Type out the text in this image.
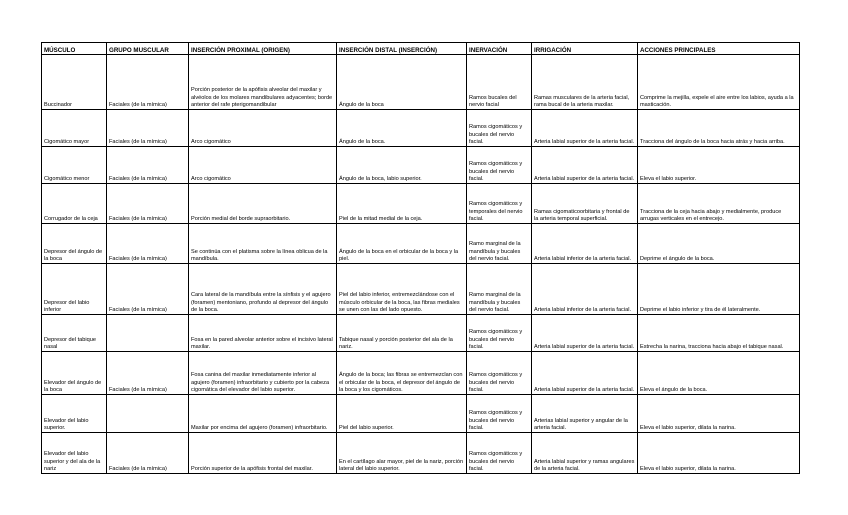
MÚSCULO	GRUPO MUSCULAR	INSERCIÓN PROXIMAL (ORIGEN)	INSERCIÓN DISTAL (INSERCIÓN)	INERVACIÓN	IRRIGACIÓN	ACCIONES PRINCIPALES
Buccinador	Faciales (de la mímica)	Porción posterior de la apófisis alveolar del maxilar y alvéolos de los molares mandibulares adyacentes; borde anterior del rafe pterigomandibular	Ángulo de la boca	Ramos bucales del nervio facial	Ramas musculares de la arteria facial, rama bucal de la arteria maxilar.	Comprime la mejilla, expele el aire entre los labios, ayuda a la masticación.
Cigomático mayor	Faciales (de la mímica)	Arco cigomático	Ángulo de la boca.	Ramos cigomáticos y bucales del nervio facial.	Arteria labial superior de la arteria facial.	Tracciona del ángulo de la boca hacia atrás y hacia arriba.
Cigomático menor	Faciales (de la mímica)	Arco cigomático	Ángulo de la boca, labio superior.	Ramos cigomáticos y bucales del nervio facial.	Arteria labial superior de la arteria facial.	Eleva el labio superior.
Corrugador de la ceja	Faciales (de la mímica)	Porción medial del borde supraorbitario.	Piel de la mitad medial de la ceja.	Ramos cigomáticos y temporales del nervio facial.	Ramas cigomaticoorbitaria y frontal de la arteria temporal superficial.	Tracciona de la ceja hacia abajo y medialmente, produce arrugas verticales en el entrecejo.
Depresor del ángulo de la boca	Faciales (de la mímica)	Se continúa con el platisma sobre la línea oblicua de la mandíbula.	Ángulo de la boca en el orbicular de la boca y la piel.	Ramo marginal de la mandíbula y bucales del nervio facial.	Arteria labial inferior de la arteria facial.	Deprime el ángulo de la boca.
Depresor del labio inferior	Faciales (de la mímica)	Cara lateral de la mandíbula entre la sínfisis y el agujero (foramen) mentoniano, profundo al depresor del ángulo de la boca.	Piel del labio inferior, entremezclándose con el músculo orbicular de la boca, las fibras mediales se unen con las del lado opuesto.	Ramo marginal de la mandíbula y bucales del nervio facial.	Arteria labial inferior de la arteria facial.	Deprime el labio inferior y tira de él lateralmente.
Depresor del tabique nasal		Fosa en la pared alveolar anterior sobre el incisivo lateral maxilar.	Tabique nasal y porción posterior del ala de la nariz.	Ramos cigomáticos y bucales del nervio facial.	Arteria labial superior de la arteria facial.	Estrecha la narina, tracciona hacia abajo el tabique nasal.
Elevador del ángulo de la boca	Faciales (de la mímica)	Fosa canina del maxilar inmediatamente inferior al agujero (foramen) infraorbitario y cubierto por la cabeza cigomática del elevador del labio superior.	Ángulo de la boca; las fibras se entremezclan con el orbicular de la boca, el depresor del ángulo de la boca y los cigomáticos.	Ramos cigomáticos y bucales del nervio facial.	Arteria labial superior de la arteria facial.	Eleva el ángulo de la boca.
Elevador del labio superior.		Maxilar por encima del agujero (foramen) infraorbitario.	Piel del labio superior.	Ramos cigomáticos y bucales del nervio facial.	Arterias labial superior y angular de la arteria facial.	Eleva el labio superior, dilata la narina.
Elevador del labio superior y del ala de la nariz	Faciales (de la mímica)	Porción superior de la apófisis frontal del maxilar.	En el cartílago alar mayor, piel de la nariz, porción lateral del labio superior.	Ramos cigomáticos y bucales del nervio facial.	Arteria labial superior y ramas angulares de la arteria facial.	Eleva el labio superior, dilata la narina.
